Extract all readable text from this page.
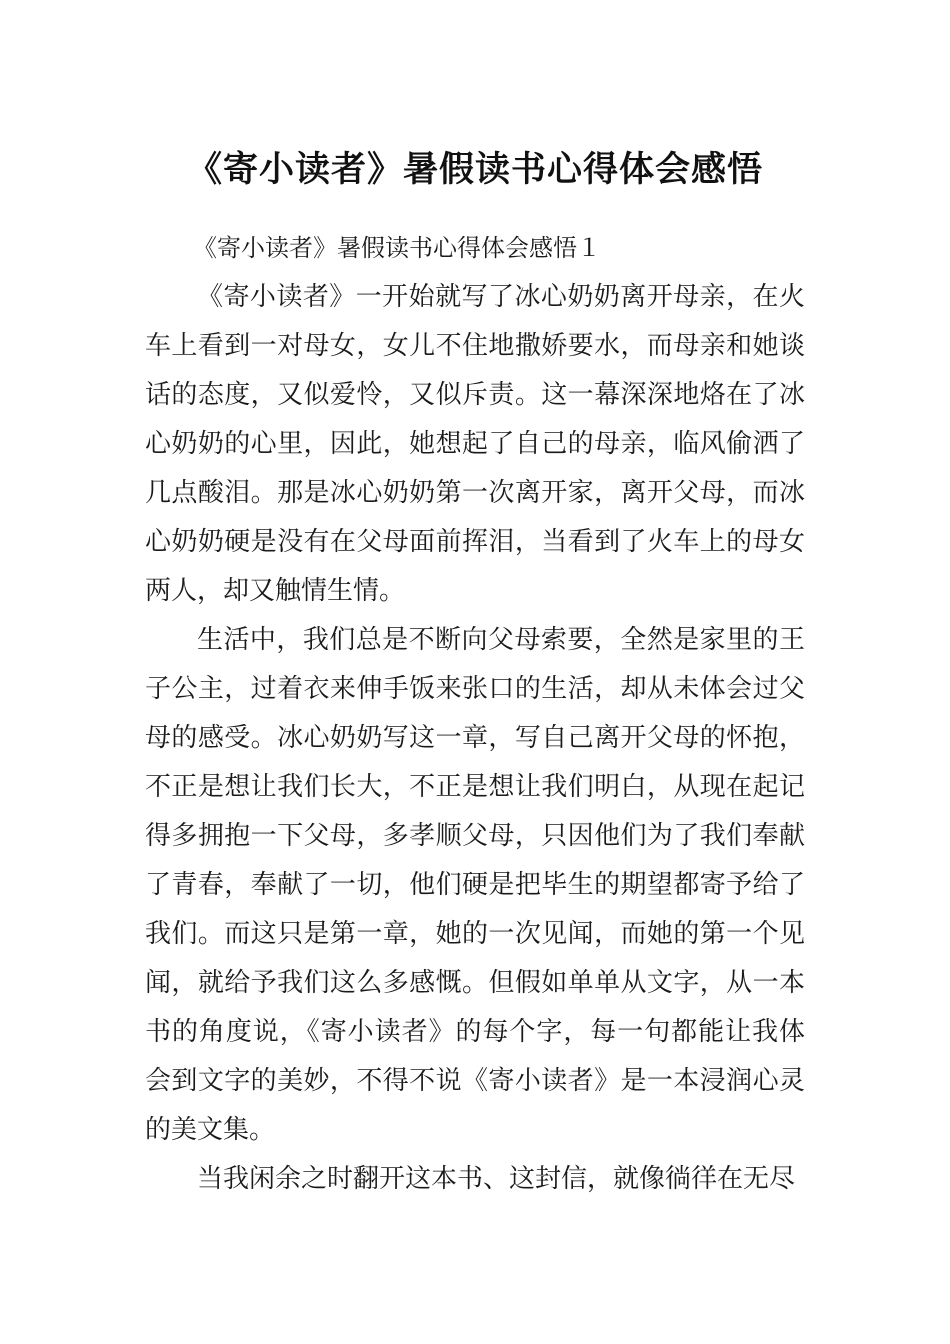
《寄小读者》暑假读书心得体会感悟

《寄小读者》暑假读书心得体会感悟１

《寄小读者》一开始就写了冰心奶奶离开母亲，在火车上看到一对母女，女儿不住地撒娇要水，而母亲和她谈话的态度，又似爱怜，又似斥责。这一幕深深地烙在了冰心奶奶的心里，因此，她想起了自己的母亲，临风偷洒了几点酸泪。那是冰心奶奶第一次离开家，离开父母，而冰心奶奶硬是没有在父母面前挥泪，当看到了火车上的母女两人，却又触情生情。

生活中，我们总是不断向父母索要，全然是家里的王子公主，过着衣来伸手饭来张口的生活，却从未体会过父母的感受。冰心奶奶写这一章，写自己离开父母的怀抱，不正是想让我们长大，不正是想让我们明白，从现在起记得多拥抱一下父母，多孝顺父母，只因他们为了我们奉献了青春，奉献了一切，他们硬是把毕生的期望都寄予给了我们。而这只是第一章，她的一次见闻，而她的第一个见闻，就给予我们这么多感慨。但假如单单从文字，从一本书的角度说，《寄小读者》的每个字，每一句都能让我体会到文字的美妙，不得不说《寄小读者》是一本浸润心灵的美文集。

当我闲余之时翻开这本书、这封信，就像徜徉在无尽
